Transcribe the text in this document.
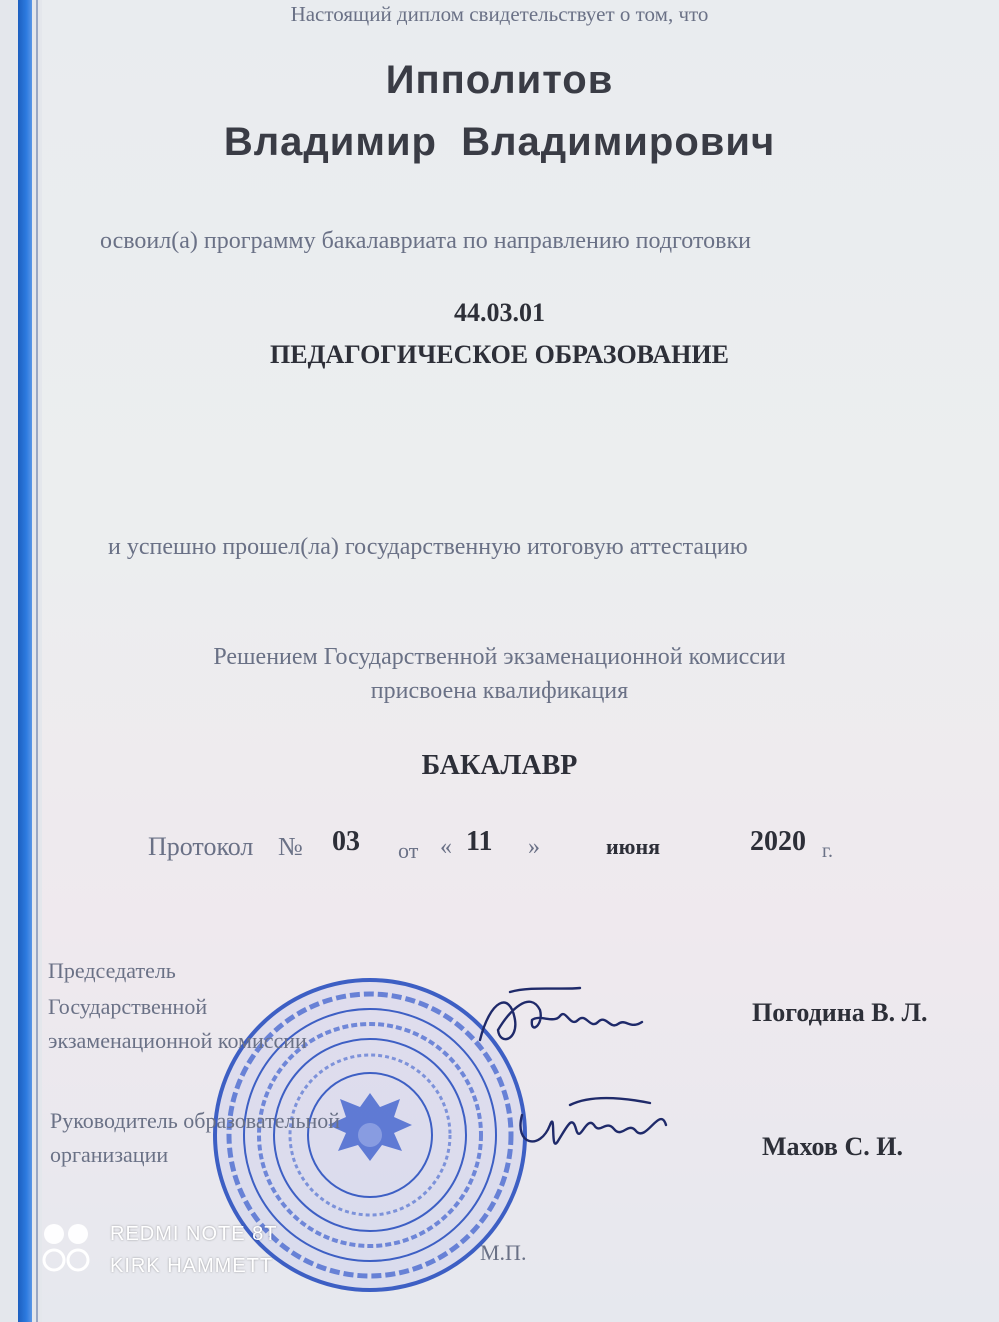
Настоящий диплом свидетельствует о том, что
Ипполитов
Владимир  Владимирович
освоил(а) программу бакалавриата по направлению подготовки
44.03.01
ПЕДАГОГИЧЕСКОЕ ОБРАЗОВАНИЕ
и успешно прошел(ла) государственную итоговую аттестацию
Решением Государственной экзаменационной комиссии
присвоена квалификация
БАКАЛАВР
Протокол № 03 от « 11 »	июня	2020 г.
Председатель
Государственной
экзаменационной комиссии
Погодина В. Л.
Руководитель образовательной
организации	Махов С. И.
М.П.
REDMI NOTE 8T
KIRK HAMMETT
